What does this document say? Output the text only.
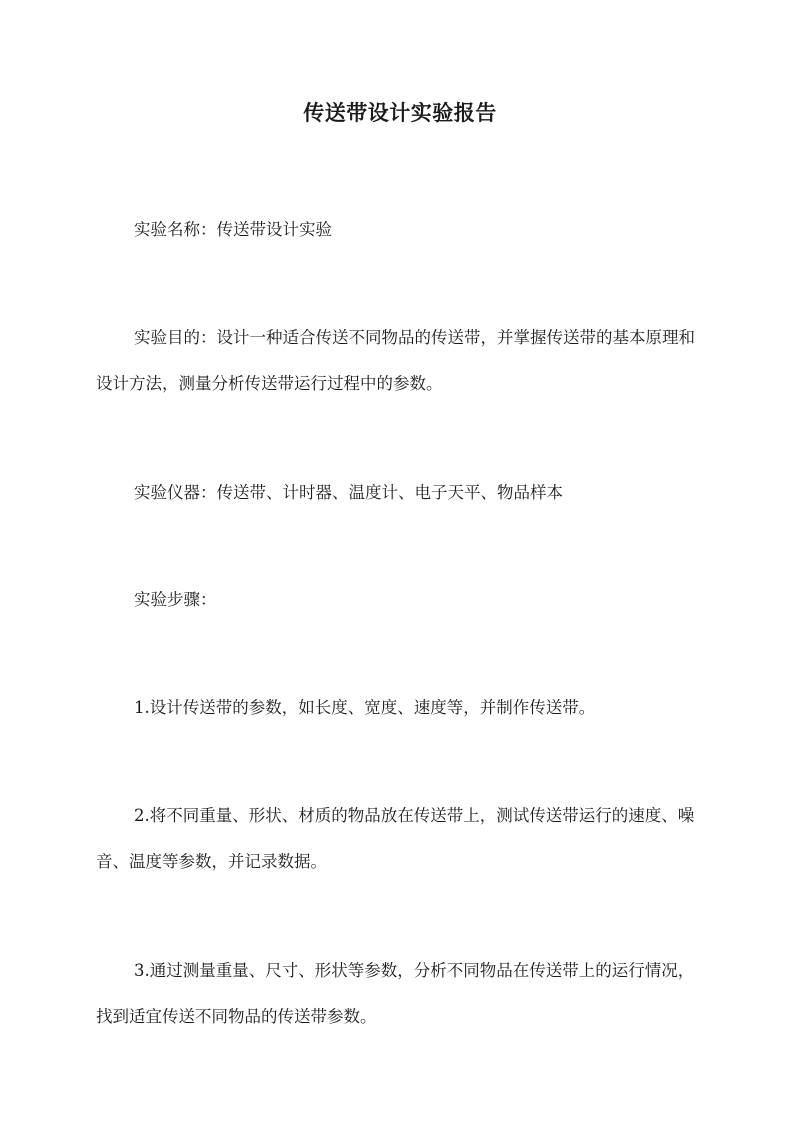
传送带设计实验报告

实验名称：传送带设计实验

实验目的：设计一种适合传送不同物品的传送带，并掌握传送带的基本原理和设计方法，测量分析传送带运行过程中的参数。

实验仪器：传送带、计时器、温度计、电子天平、物品样本

实验步骤：

1.设计传送带的参数，如长度、宽度、速度等，并制作传送带。

2.将不同重量、形状、材质的物品放在传送带上，测试传送带运行的速度、噪音、温度等参数，并记录数据。

3.通过测量重量、尺寸、形状等参数，分析不同物品在传送带上的运行情况，找到适宜传送不同物品的传送带参数。
